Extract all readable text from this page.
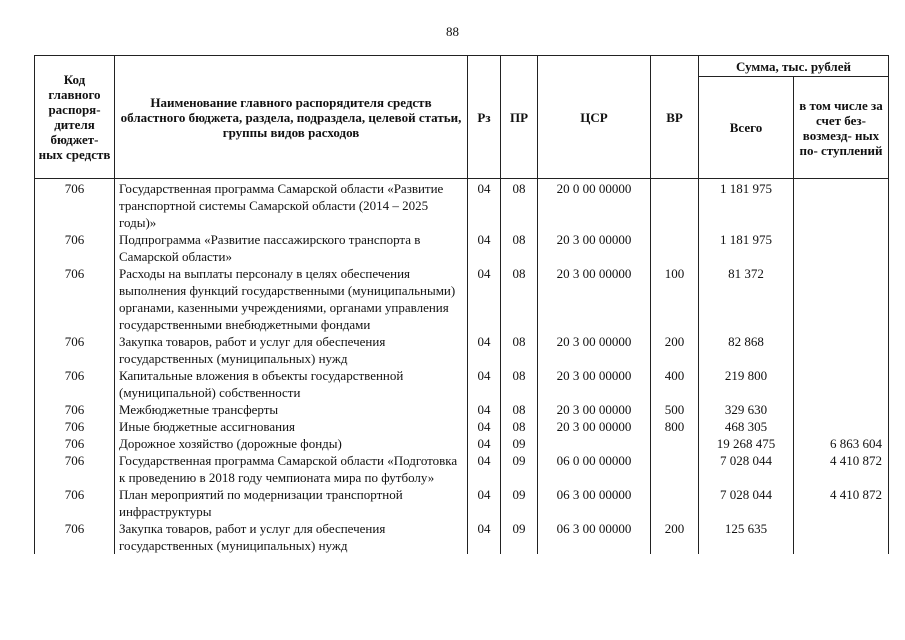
88
Код главного распоря- дителя бюджет- ных средств	Наименование главного распорядителя средств областного бюджета, раздела, подраздела, целевой статьи, группы видов расходов	Рз	ПР	ЦСР	ВР	Сумма, тыс. рублей	
						Всего	в том числе за счет без- возмезд- ных по- ступлений
706	Государственная программа Самарской области «Развитие транспортной системы Самарской области (2014 – 2025 годы)»	04	08	20 0 00 00000		1 181 975	
706	Подпрограмма «Развитие пассажирского транспорта в Самарской области»	04	08	20 3 00 00000		1 181 975	
706	Расходы на выплаты персоналу в целях обеспечения выполнения функций государственными (муниципальными) органами, казенными учреждениями, органами управления государственными внебюджетными фондами	04	08	20 3 00 00000	100	81 372	
706	Закупка товаров, работ и услуг для обеспечения государственных (муниципальных) нужд	04	08	20 3 00 00000	200	82 868	
706	Капитальные вложения в объекты государственной (муниципальной) собственности	04	08	20 3 00 00000	400	219 800	
706	Межбюджетные трансферты	04	08	20 3 00 00000	500	329 630	
706	Иные бюджетные ассигнования	04	08	20 3 00 00000	800	468 305	
706	Дорожное хозяйство (дорожные фонды)	04	09			19 268 475	6 863 604
706	Государственная программа Самарской области «Подготовка к проведению в 2018 году чемпионата мира по футболу»	04	09	06 0 00 00000		7 028 044	4 410 872
706	План мероприятий по модернизации транспортной инфраструктуры	04	09	06 3 00 00000		7 028 044	4 410 872
706	Закупка товаров, работ и услуг для обеспечения государственных (муниципальных) нужд	04	09	06 3 00 00000	200	125 635	
